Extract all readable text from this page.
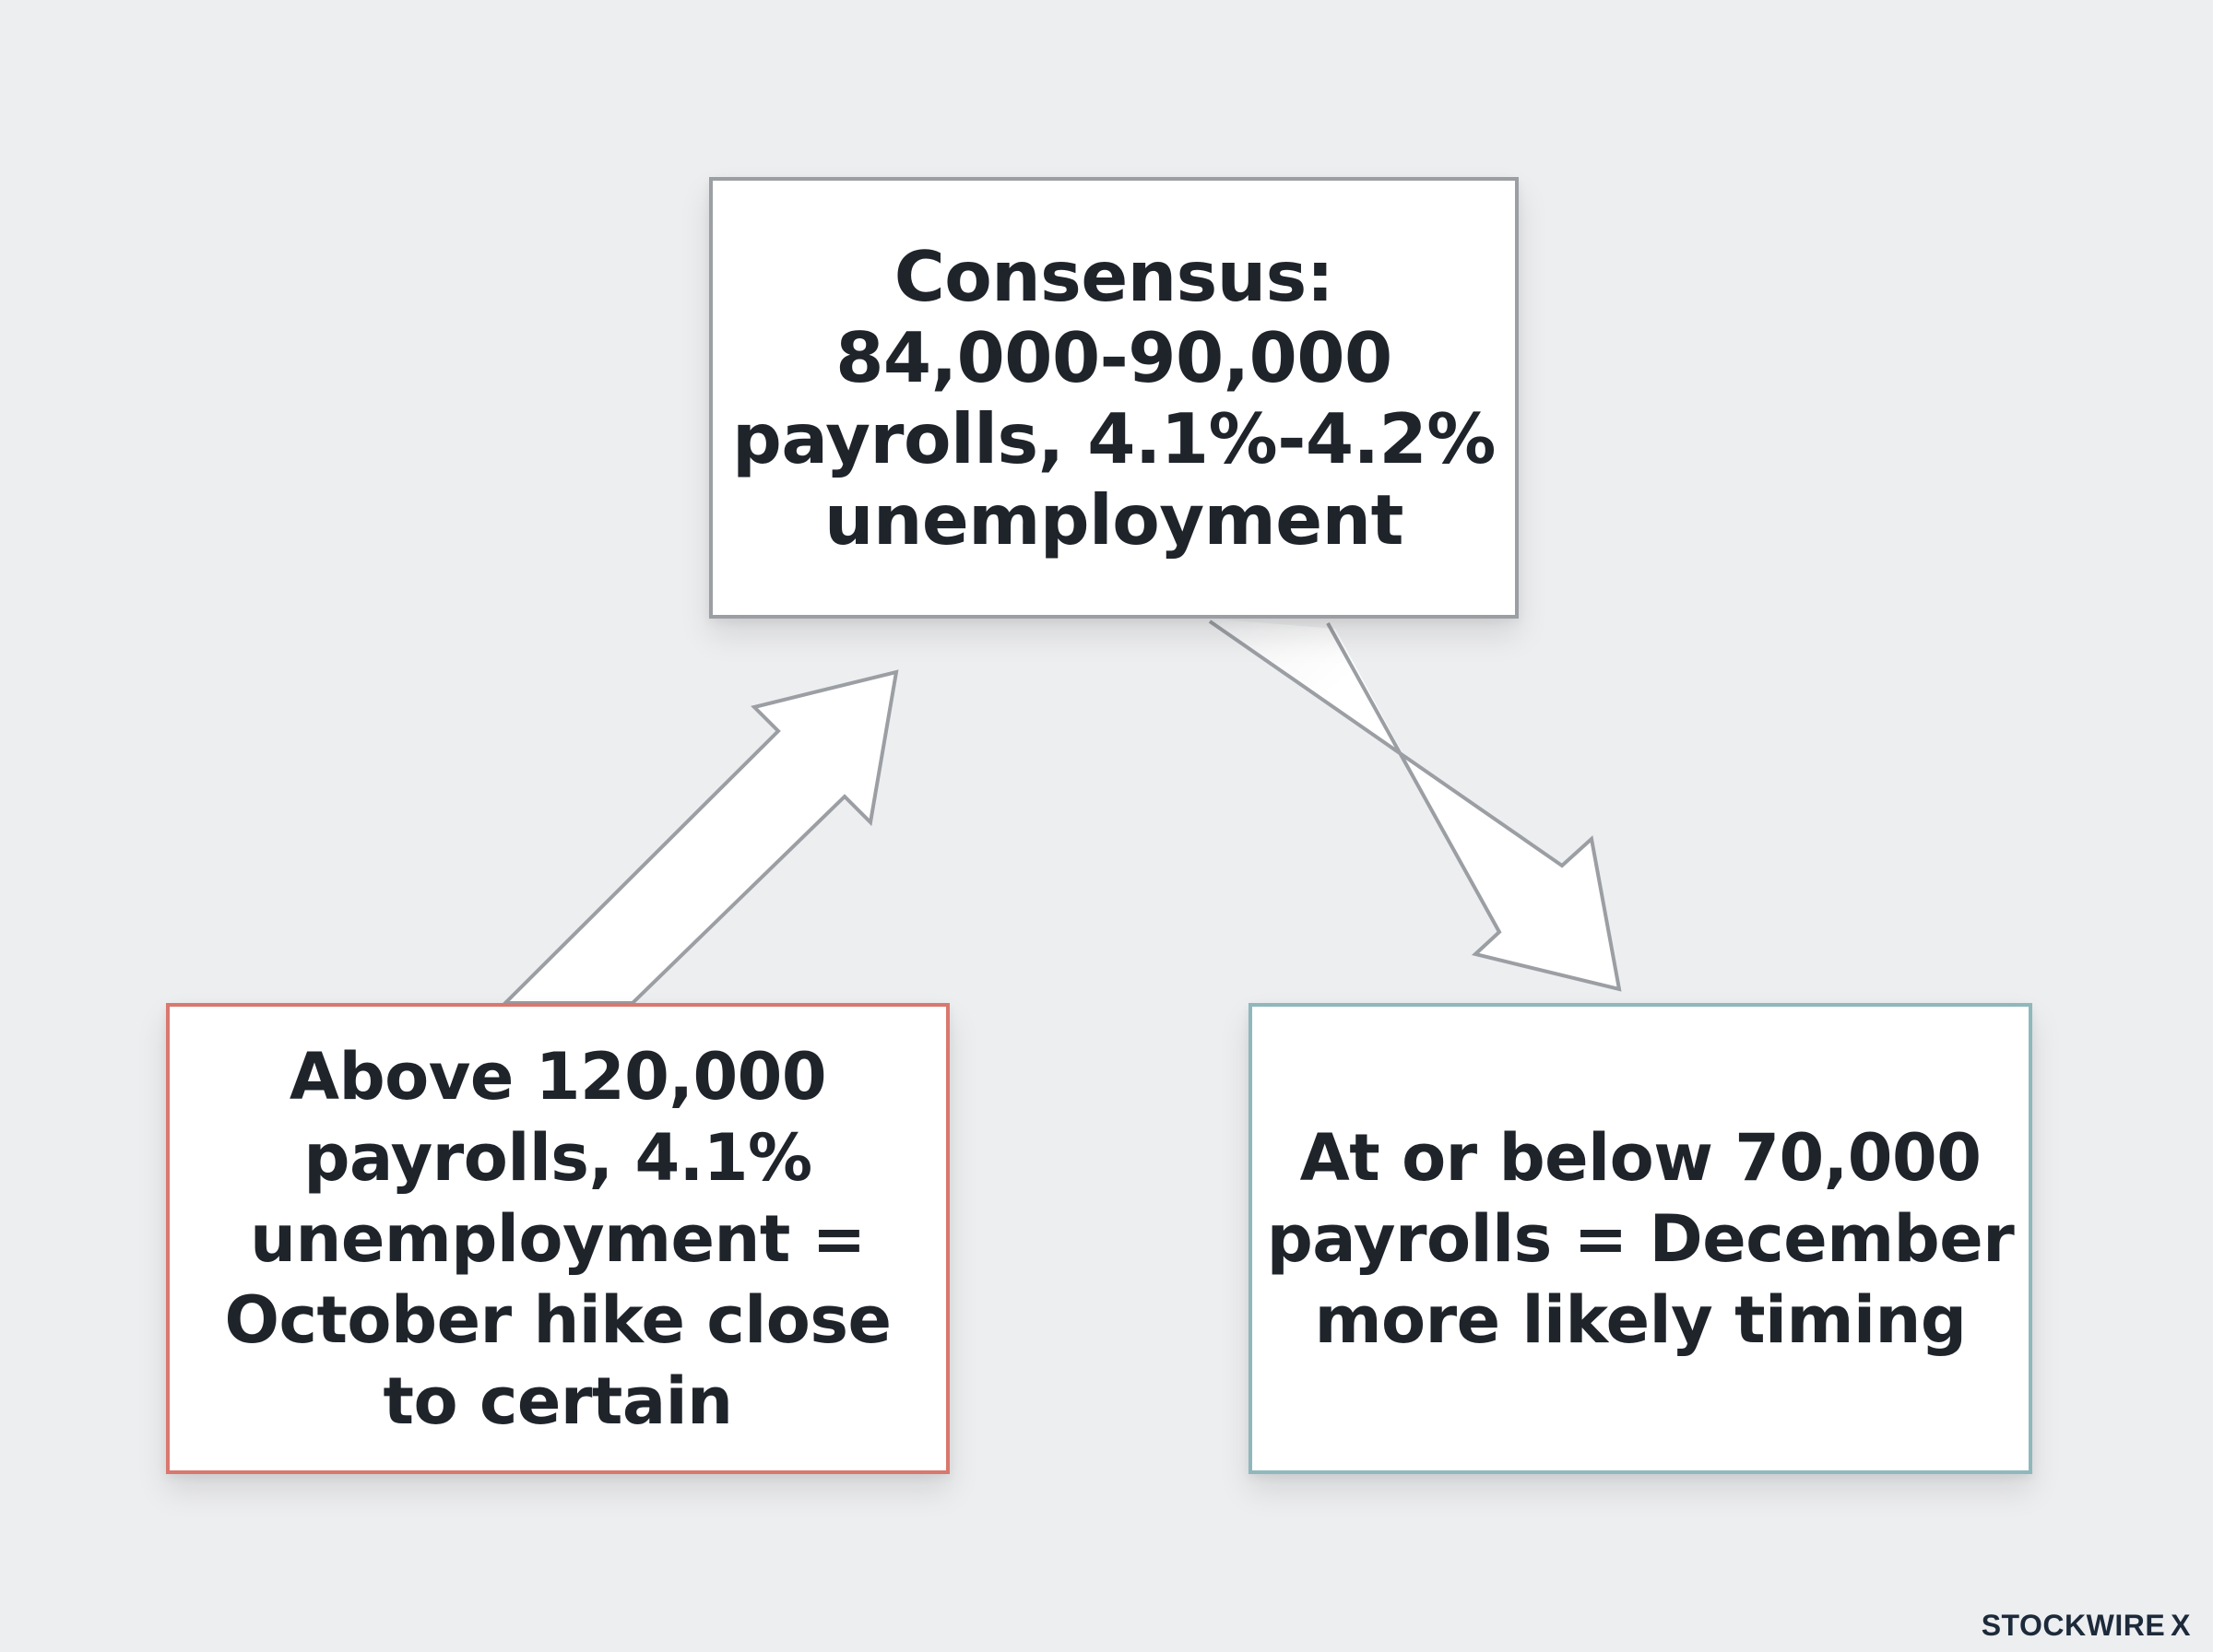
Consensus:
84,000-90,000
payrolls, 4.1%-4.2%
unemployment
Above 120,000
payrolls, 4.1%
unemployment =
October hike close
to certain
At or below 70,000
payrolls = December
more likely timing
STOCKWIRE X
